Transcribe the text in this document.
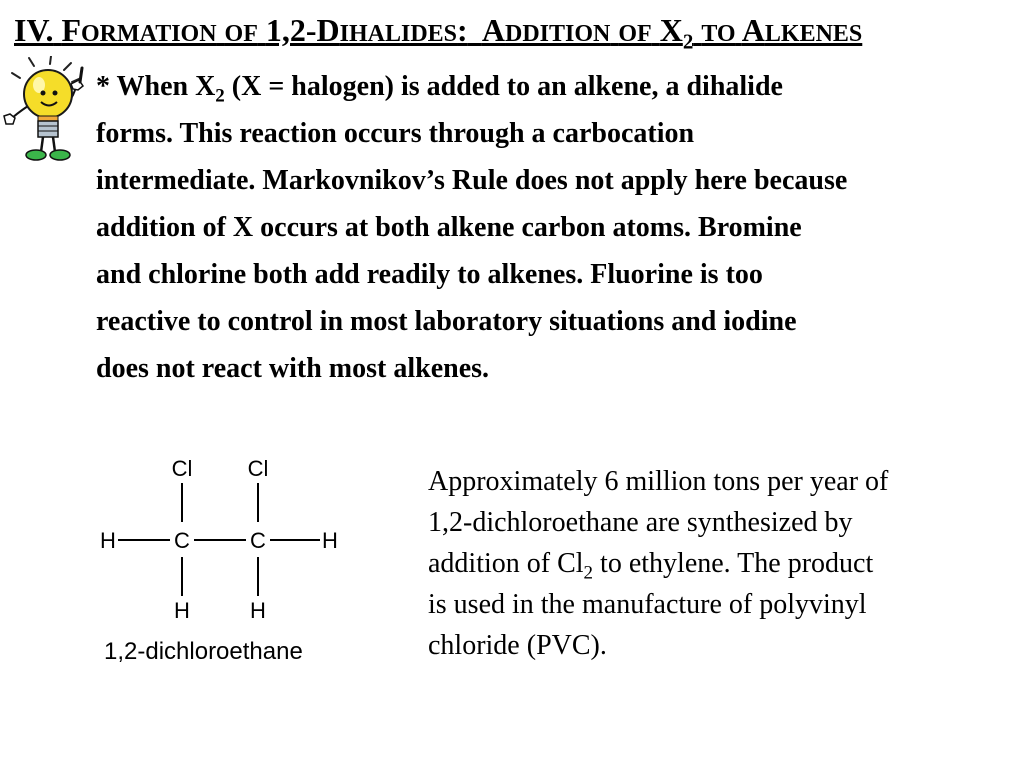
IV. FORMATION OF 1,2-DIHALIDES: ADDITION OF $X_2$ TO ALKENES
* When $X_2$ (X = halogen) is added to an alkene, a dihalide
forms. This reaction occurs through a carbocation
intermediate. Markovnikov’s Rule does not apply here because
addition of X occurs at both alkene carbon atoms. Bromine
and chlorine both add readily to alkenes. Fluorine is too
reactive to control in most laboratory situations and iodine
does not react with most alkenes.
Cl	Cl
H	C	C	H
H	H
1,2-dichloroethane
Approximately 6 million tons per year of
1,2-dichloroethane are synthesized by
addition of $Cl_2$ to ethylene. The product
is used in the manufacture of polyvinyl
chloride (PVC).
